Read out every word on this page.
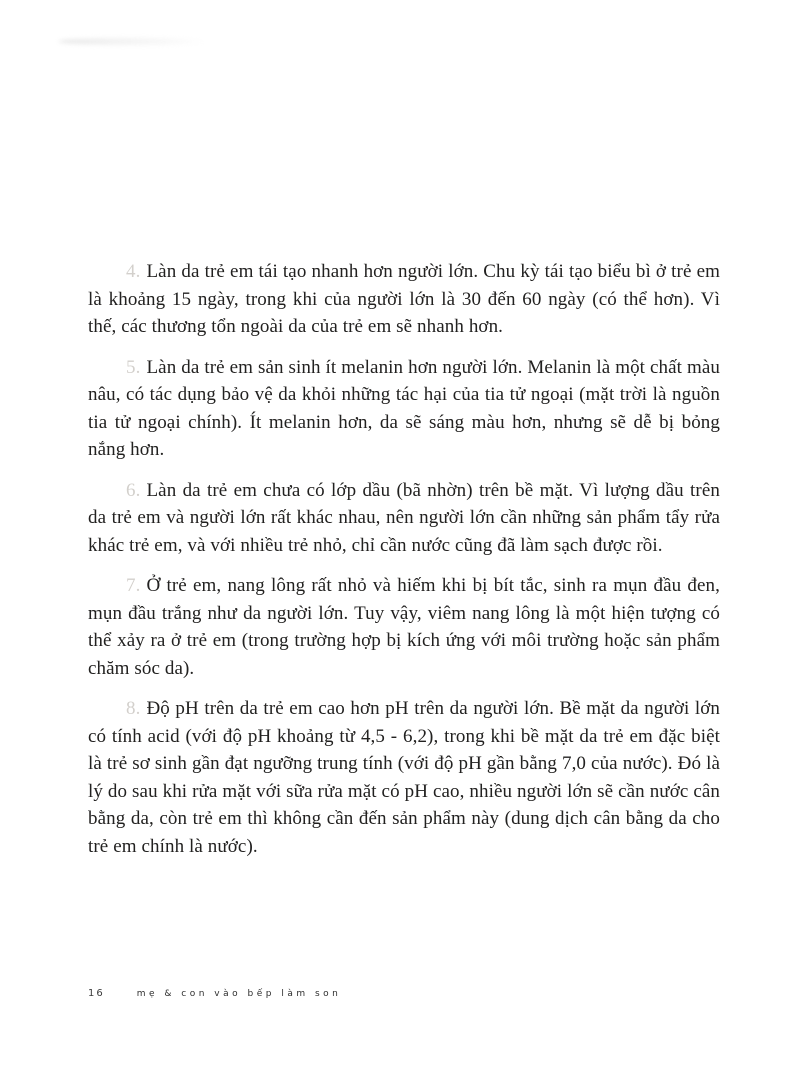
4. Làn da trẻ em tái tạo nhanh hơn người lớn. Chu kỳ tái tạo biểu bì ở trẻ em là khoảng 15 ngày, trong khi của người lớn là 30 đến 60 ngày (có thể hơn). Vì thế, các thương tổn ngoài da của trẻ em sẽ nhanh hơn.

5. Làn da trẻ em sản sinh ít melanin hơn người lớn. Melanin là một chất màu nâu, có tác dụng bảo vệ da khỏi những tác hại của tia tử ngoại (mặt trời là nguồn tia tử ngoại chính). Ít melanin hơn, da sẽ sáng màu hơn, nhưng sẽ dễ bị bỏng nắng hơn.

6. Làn da trẻ em chưa có lớp dầu (bã nhờn) trên bề mặt. Vì lượng dầu trên da trẻ em và người lớn rất khác nhau, nên người lớn cần những sản phẩm tẩy rửa khác trẻ em, và với nhiều trẻ nhỏ, chỉ cần nước cũng đã làm sạch được rồi.

7. Ở trẻ em, nang lông rất nhỏ và hiếm khi bị bít tắc, sinh ra mụn đầu đen, mụn đầu trắng như da người lớn. Tuy vậy, viêm nang lông là một hiện tượng có thể xảy ra ở trẻ em (trong trường hợp bị kích ứng với môi trường hoặc sản phẩm chăm sóc da).

8. Độ pH trên da trẻ em cao hơn pH trên da người lớn. Bề mặt da người lớn có tính acid (với độ pH khoảng từ 4,5 - 6,2), trong khi bề mặt da trẻ em đặc biệt là trẻ sơ sinh gần đạt ngưỡng trung tính (với độ pH gần bằng 7,0 của nước). Đó là lý do sau khi rửa mặt với sữa rửa mặt có pH cao, nhiều người lớn sẽ cần nước cân bằng da, còn trẻ em thì không cần đến sản phẩm này (dung dịch cân bằng da cho trẻ em chính là nước).

16	mẹ & con vào bếp làm son
